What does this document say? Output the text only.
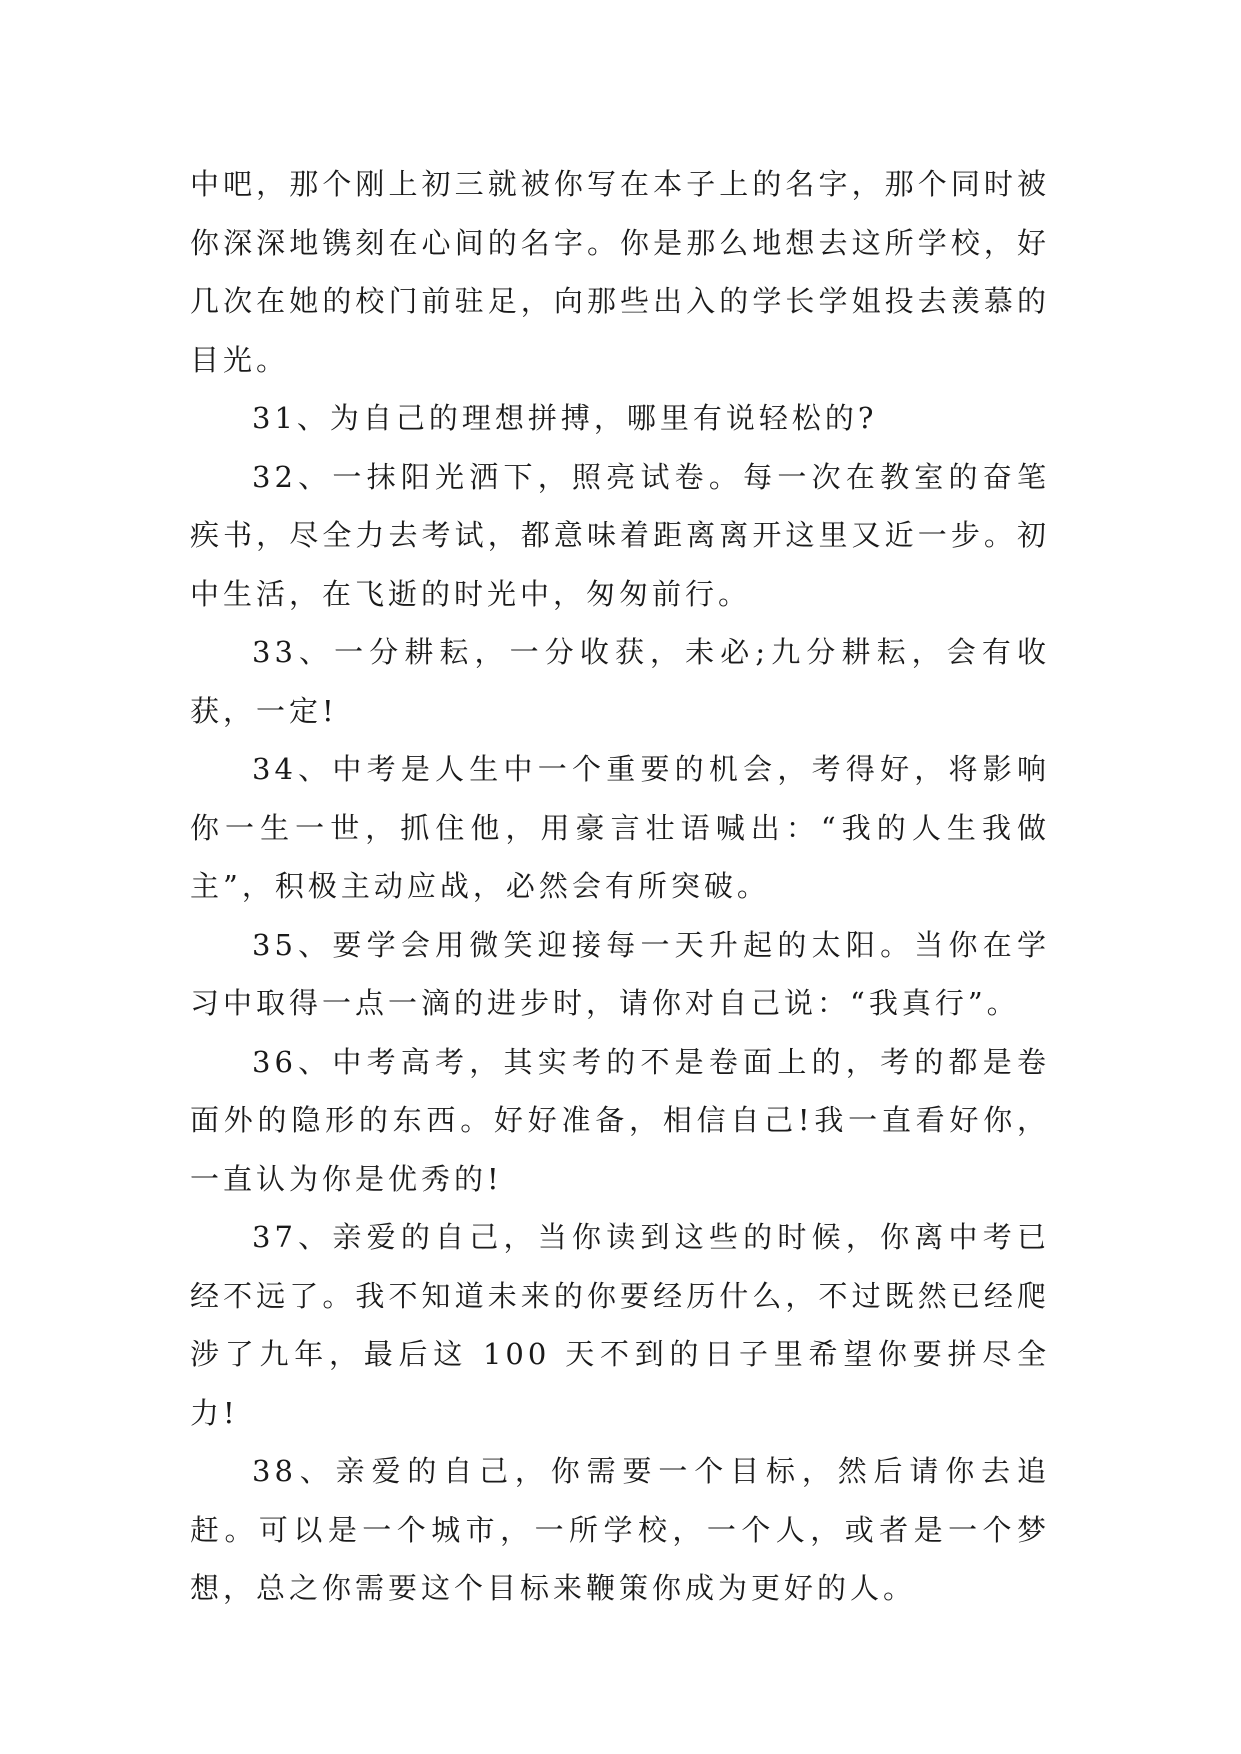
中吧，那个刚上初三就被你写在本子上的名字，那个同时被你深深地镌刻在心间的名字。你是那么地想去这所学校，好几次在她的校门前驻足，向那些出入的学长学姐投去羡慕的目光。

31、为自己的理想拼搏，哪里有说轻松的?

32、一抹阳光洒下，照亮试卷。每一次在教室的奋笔疾书，尽全力去考试，都意味着距离离开这里又近一步。初中生活，在飞逝的时光中，匆匆前行。

33、一分耕耘，一分收获，未必;九分耕耘，会有收获，一定!

34、中考是人生中一个重要的机会，考得好，将影响你一生一世，抓住他，用豪言壮语喊出：“我的人生我做主”，积极主动应战，必然会有所突破。

35、要学会用微笑迎接每一天升起的太阳。当你在学习中取得一点一滴的进步时，请你对自己说：“我真行”。

36、中考高考，其实考的不是卷面上的，考的都是卷面外的隐形的东西。好好准备，相信自己!我一直看好你，一直认为你是优秀的!

37、亲爱的自己，当你读到这些的时候，你离中考已经不远了。我不知道未来的你要经历什么，不过既然已经爬涉了九年，最后这 100 天不到的日子里希望你要拼尽全力!

38、亲爱的自己，你需要一个目标，然后请你去追赶。可以是一个城市，一所学校，一个人，或者是一个梦想，总之你需要这个目标来鞭策你成为更好的人。
